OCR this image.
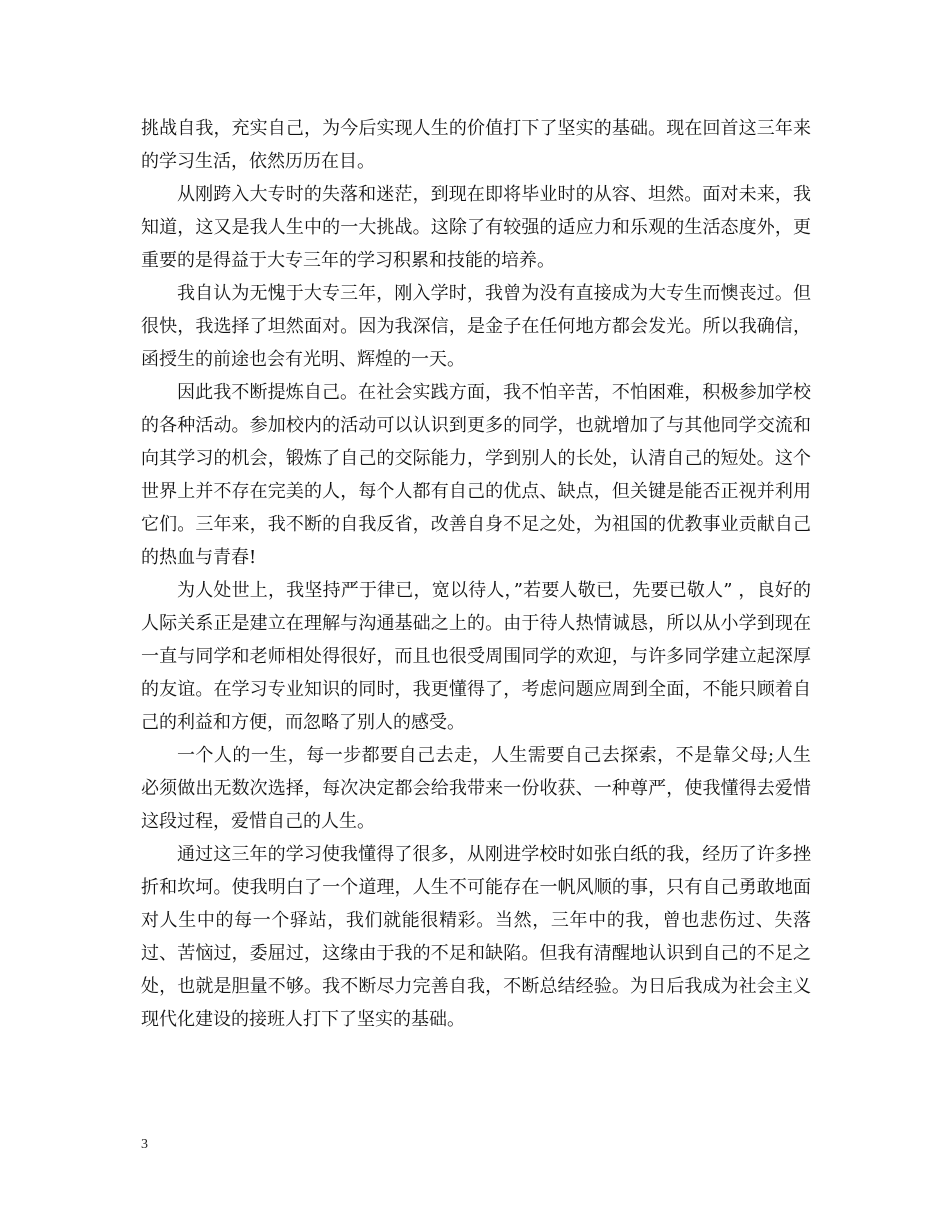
挑战自我，充实自己，为今后实现人生的价值打下了坚实的基础。现在回首这三年来的学习生活，依然历历在目。

从刚跨入大专时的失落和迷茫，到现在即将毕业时的从容、坦然。面对未来，我知道，这又是我人生中的一大挑战。这除了有较强的适应力和乐观的生活态度外，更重要的是得益于大专三年的学习积累和技能的培养。

我自认为无愧于大专三年，刚入学时，我曾为没有直接成为大专生而懊丧过。但很快，我选择了坦然面对。因为我深信，是金子在任何地方都会发光。所以我确信，函授生的前途也会有光明、辉煌的一天。

因此我不断提炼自己。在社会实践方面，我不怕辛苦，不怕困难，积极参加学校的各种活动。参加校内的活动可以认识到更多的同学，也就增加了与其他同学交流和向其学习的机会，锻炼了自己的交际能力，学到别人的长处，认清自己的短处。这个世界上并不存在完美的人，每个人都有自己的优点、缺点，但关键是能否正视并利用它们。三年来，我不断的自我反省，改善自身不足之处，为祖国的优教事业贡献自己的热血与青春!

为人处世上，我坚持严于律已，宽以待人，”若要人敬已，先要已敬人” ，良好的人际关系正是建立在理解与沟通基础之上的。由于待人热情诚恳，所以从小学到现在一直与同学和老师相处得很好，而且也很受周围同学的欢迎，与许多同学建立起深厚的友谊。在学习专业知识的同时，我更懂得了，考虑问题应周到全面，不能只顾着自己的利益和方便，而忽略了别人的感受。

一个人的一生，每一步都要自己去走，人生需要自己去探索，不是靠父母;人生必须做出无数次选择，每次决定都会给我带来一份收获、一种尊严，使我懂得去爱惜这段过程，爱惜自己的人生。

通过这三年的学习使我懂得了很多，从刚进学校时如张白纸的我，经历了许多挫折和坎坷。使我明白了一个道理，人生不可能存在一帆风顺的事，只有自己勇敢地面对人生中的每一个驿站，我们就能很精彩。当然，三年中的我，曾也悲伤过、失落过、苦恼过，委屈过，这缘由于我的不足和缺陷。但我有清醒地认识到自己的不足之处，也就是胆量不够。我不断尽力完善自我，不断总结经验。为日后我成为社会主义现代化建设的接班人打下了坚实的基础。

3
